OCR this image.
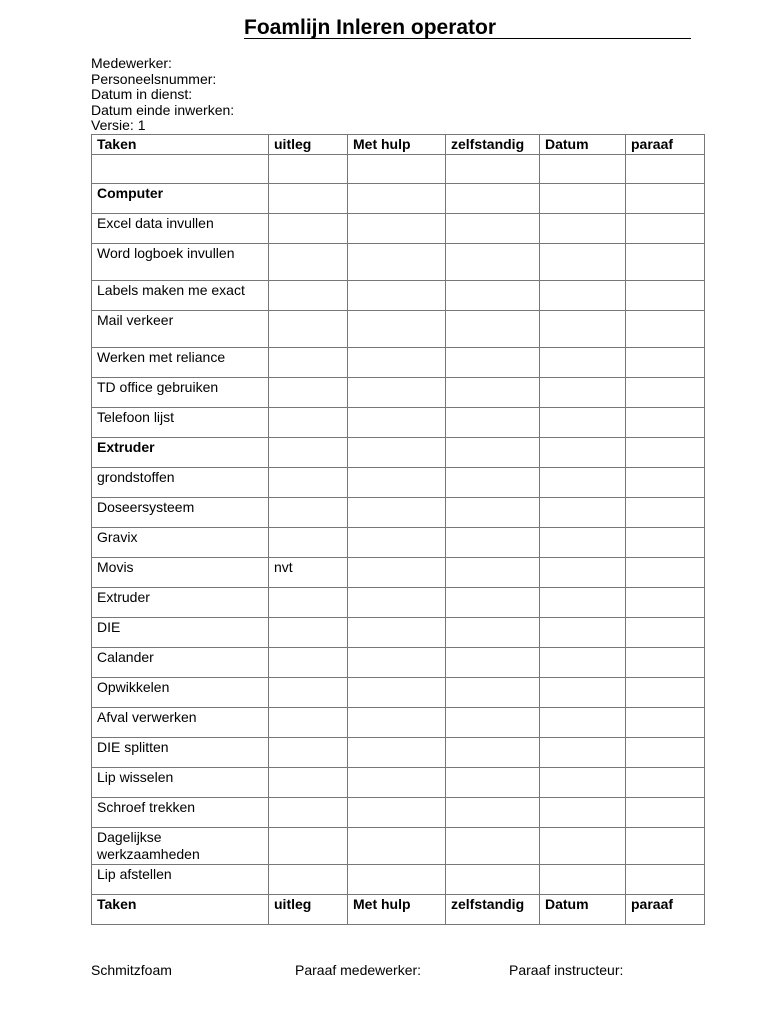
Foamlijn Inleren operator
Medewerker:
Personeelsnummer:
Datum in dienst:
Datum einde inwerken:
Versie: 1
Taken	uitleg	Met hulp	zelfstandig	Datum	paraaf

Computer					
Excel data invullen					
Word logboek invullen					
Labels maken me exact					
Mail verkeer					
Werken met reliance					
TD office gebruiken					
Telefoon lijst					
Extruder					
grondstoffen					
Doseersysteem					
Gravix					
Movis	nvt				
Extruder					
DIE					
Calander					
Opwikkelen					
Afval verwerken					
DIE splitten					
Lip wisselen					
Schroef trekken					
Dagelijkse werkzaamheden					
Lip afstellen					
Taken	uitleg	Met hulp	zelfstandig	Datum	paraaf
Schmitzfoam	Paraaf medewerker:	Paraaf instructeur:
